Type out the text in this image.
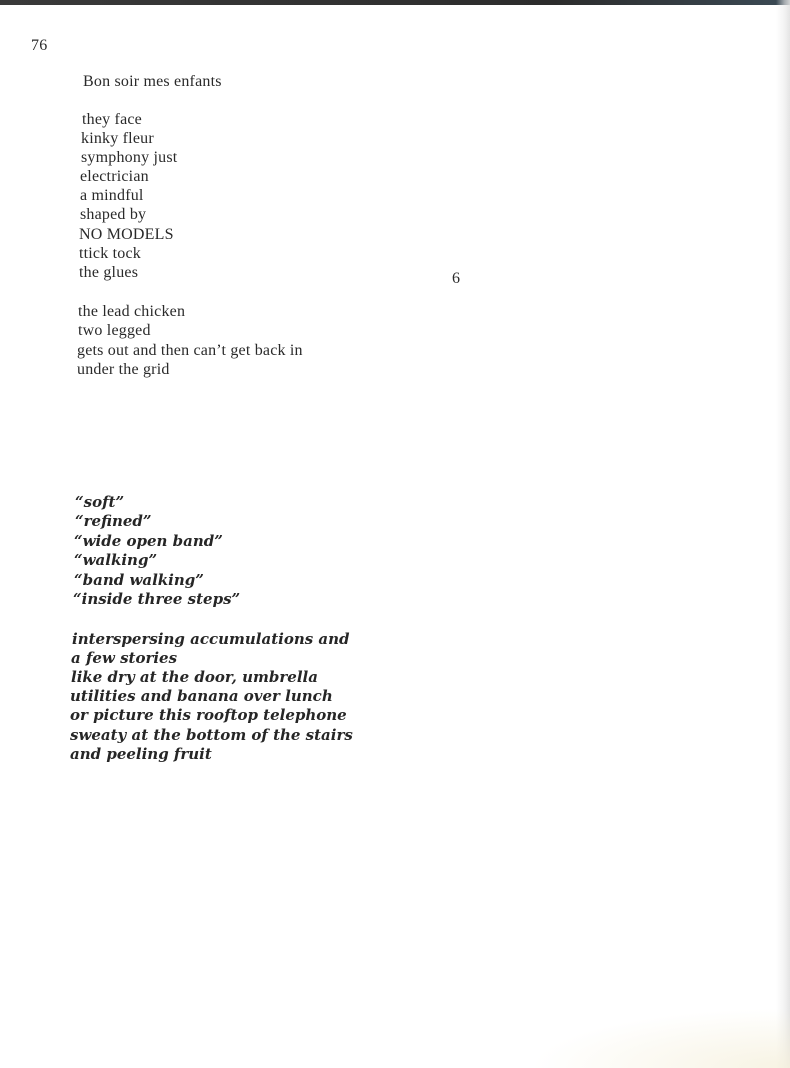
76
6
Bon soir mes enfants
they face
kinky fleur
symphony just
electrician
a mindful
shaped by
NO MODELS
ttick tock
the glues
the lead chicken
two legged
gets out and then can’t get back in
under the grid
“soft”
“refined”
“wide open band”
“walking”
“band walking”
“inside three steps”
interspersing accumulations and
a few stories
like dry at the door, umbrella
utilities and banana over lunch
or picture this rooftop telephone
sweaty at the bottom of the stairs
and peeling fruit
